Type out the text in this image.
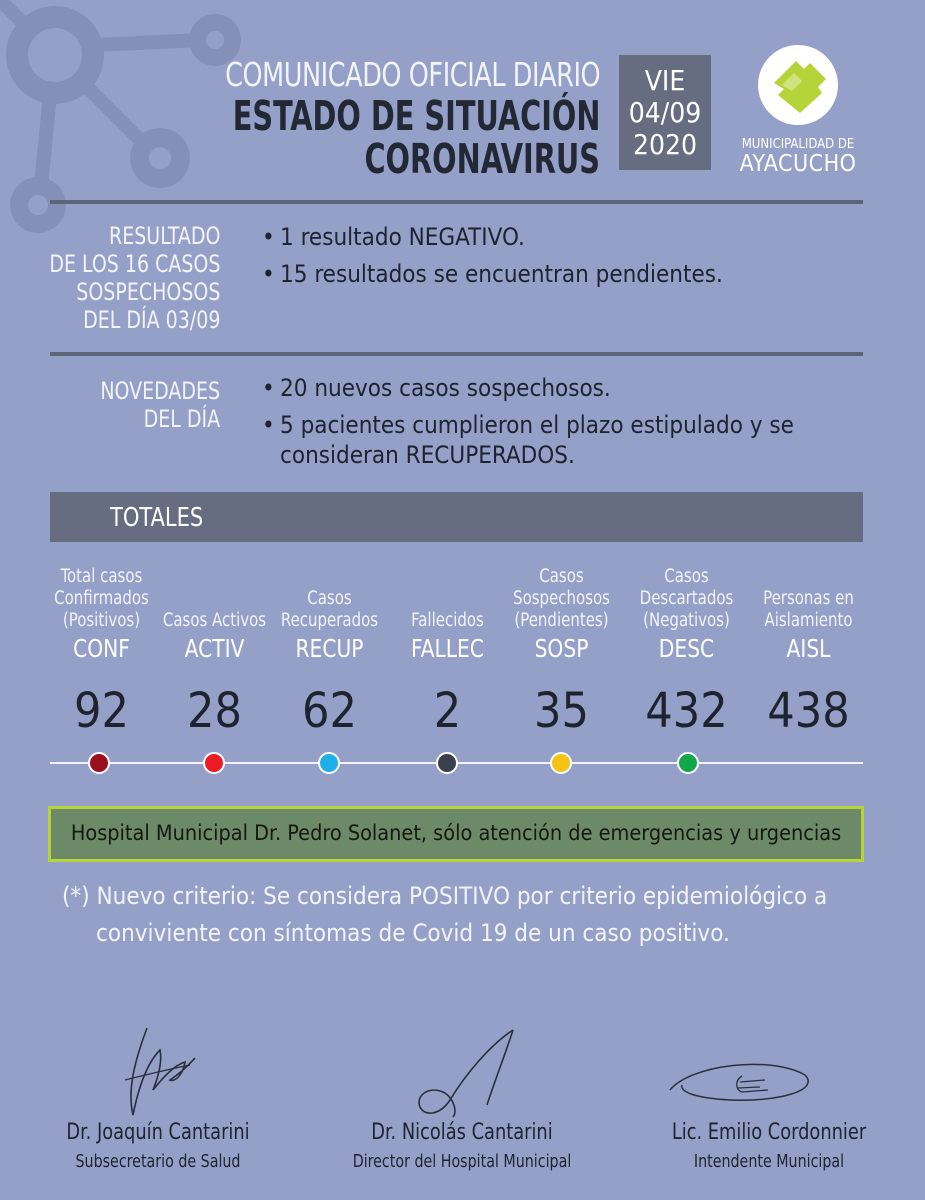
COMUNICADO OFICIAL DIARIO
ESTADO DE SITUACIÓN
CORONAVIRUS
VIE
04/09
2020	MUNICIPALIDAD DE
AYACUCHO
RESULTADO
DE LOS 16 CASOS
SOSPECHOSOS
DEL DÍA 03/09
• 1 resultado NEGATIVO.
• 15 resultados se encuentran pendientes.
NOVEDADES
DEL DÍA
• 20 nuevos casos sospechosos.
• 5 pacientes cumplieron el plazo estipulado y se consideran RECUPERADOS.
TOTALES
Total casos Confirmados (Positivos)
CONF
92
Casos Activos
ACTIV
28
Casos Recuperados
RECUP
62
Fallecidos
FALLEC
2
Casos Sospechosos (Pendientes)
SOSP
35
Casos Descartados (Negativos)
DESC
432
Personas en Aislamiento
AISL
438
Hospital Municipal Dr. Pedro Solanet, sólo atención de emergencias y urgencias
(*) Nuevo criterio: Se considera POSITIVO por criterio epidemiológico a
conviviente con síntomas de Covid 19 de un caso positivo.
Dr. Joaquín Cantarini
Subsecretario de Salud
Dr. Nicolás Cantarini
Director del Hospital Municipal
Lic. Emilio Cordonnier
Intendente Municipal
